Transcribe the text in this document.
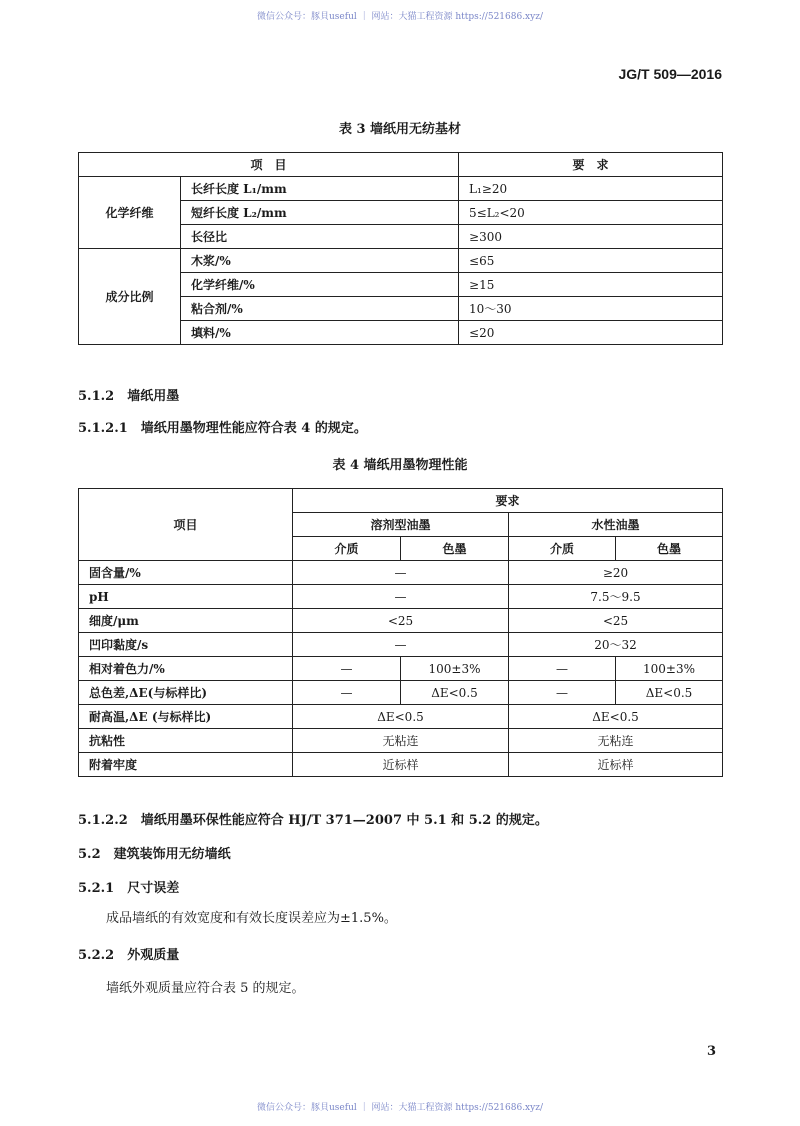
微信公众号：豚貝useful ｜ 网站：大猫工程资源 https://521686.xyz/
JG/T 509—2016
表 3 墙纸用无纺基材
项　目		要　求
化学纤维	长纤长度 L₁/mm	L₁≥20
	短纤长度 L₂/mm	5≤L₂<20
	长径比	≥300
成分比例	木浆/%	≤65
	化学纤维/%	≥15
	粘合剂/%	10～30
	填料/%	≤20
5.1.2　墙纸用墨
5.1.2.1　墙纸用墨物理性能应符合表 4 的规定。
表 4 墙纸用墨物理性能
项目	要求			
	溶剂型油墨		水性油墨	
	介质	色墨	介质	色墨
固含量/%	—		≥20	
pH	—		7.5～9.5	
细度/μm	<25		<25	
凹印黏度/s	—		20～32	
相对着色力/%	—	100±3%	—	100±3%
总色差,ΔE(与标样比)	—	ΔE<0.5	—	ΔE<0.5
耐高温,ΔE (与标样比)	ΔE<0.5		ΔE<0.5	
抗粘性	无粘连		无粘连	
附着牢度	近标样		近标样	
5.1.2.2　墙纸用墨环保性能应符合 HJ/T 371—2007 中 5.1 和 5.2 的规定。
5.2　建筑装饰用无纺墙纸
5.2.1　尺寸误差
成品墙纸的有效宽度和有效长度误差应为±1.5%。
5.2.2　外观质量
墙纸外观质量应符合表 5 的规定。
3
微信公众号：豚貝useful ｜ 网站：大猫工程资源 https://521686.xyz/
